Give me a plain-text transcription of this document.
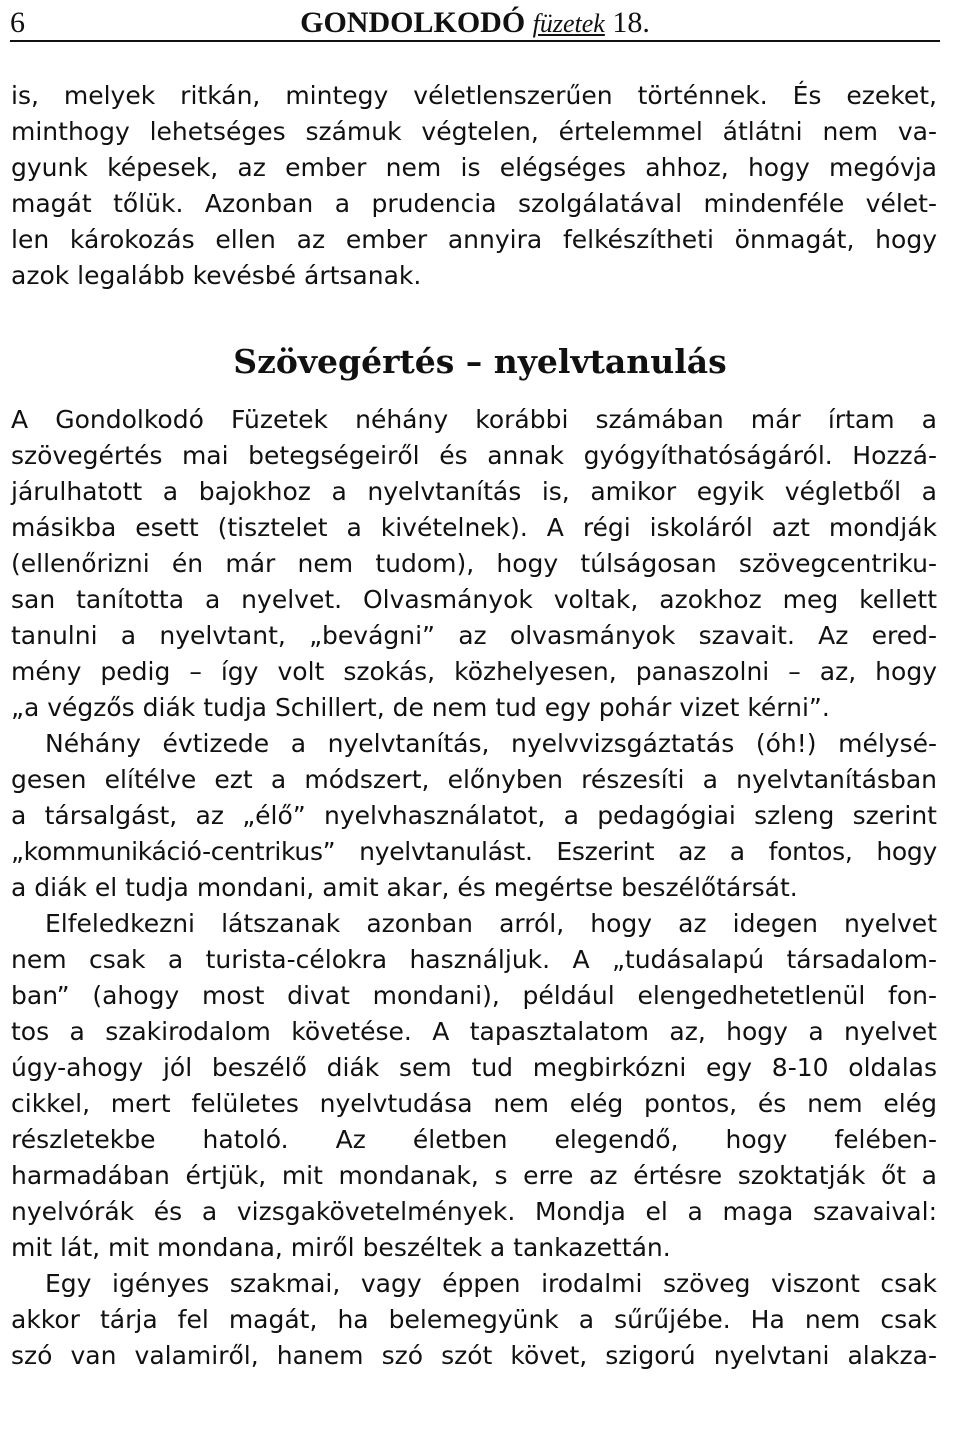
6	GONDOLKODÓ füzetek 18.
is, melyek ritkán, mintegy véletlenszerűen történnek. És ezeket,
minthogy lehetséges számuk végtelen, értelemmel átlátni nem va-
gyunk képesek, az ember nem is elégséges ahhoz, hogy megóvja
magát tőlük. Azonban a prudencia szolgálatával mindenféle vélet-
len károkozás ellen az ember annyira felkészítheti önmagát, hogy
azok legalább kevésbé ártsanak.
Szövegértés – nyelvtanulás
A Gondolkodó Füzetek néhány korábbi számában már írtam a
szövegértés mai betegségeiről és annak gyógyíthatóságáról. Hozzá-
járulhatott a bajokhoz a nyelvtanítás is, amikor egyik végletből a
másikba esett (tisztelet a kivételnek). A régi iskoláról azt mondják
(ellenőrizni én már nem tudom), hogy túlságosan szövegcentriku-
san tanította a nyelvet. Olvasmányok voltak, azokhoz meg kellett
tanulni a nyelvtant, „bevágni” az olvasmányok szavait. Az ered-
mény pedig – így volt szokás, közhelyesen, panaszolni – az, hogy
„a végzős diák tudja Schillert, de nem tud egy pohár vizet kérni”.
Néhány évtizede a nyelvtanítás, nyelvvizsgáztatás (óh!) mélysé-
gesen elítélve ezt a módszert, előnyben részesíti a nyelvtanításban
a társalgást, az „élő” nyelvhasználatot, a pedagógiai szleng szerint
„kommunikáció-centrikus” nyelvtanulást. Eszerint az a fontos, hogy
a diák el tudja mondani, amit akar, és megértse beszélőtársát.
Elfeledkezni látszanak azonban arról, hogy az idegen nyelvet
nem csak a turista-célokra használjuk. A „tudásalapú társadalom-
ban” (ahogy most divat mondani), például elengedhetetlenül fon-
tos a szakirodalom követése. A tapasztalatom az, hogy a nyelvet
úgy-ahogy jól beszélő diák sem tud megbirkózni egy 8-10 oldalas
cikkel, mert felületes nyelvtudása nem elég pontos, és nem elég
részletekbe hatoló. Az életben elegendő, hogy felében-
harmadában értjük, mit mondanak, s erre az értésre szoktatják őt a
nyelvórák és a vizsgakövetelmények. Mondja el a maga szavaival:
mit lát, mit mondana, miről beszéltek a tankazettán.
Egy igényes szakmai, vagy éppen irodalmi szöveg viszont csak
akkor tárja fel magát, ha belemegyünk a sűrűjébe. Ha nem csak
szó van valamiről, hanem szó szót követ, szigorú nyelvtani alakza-
